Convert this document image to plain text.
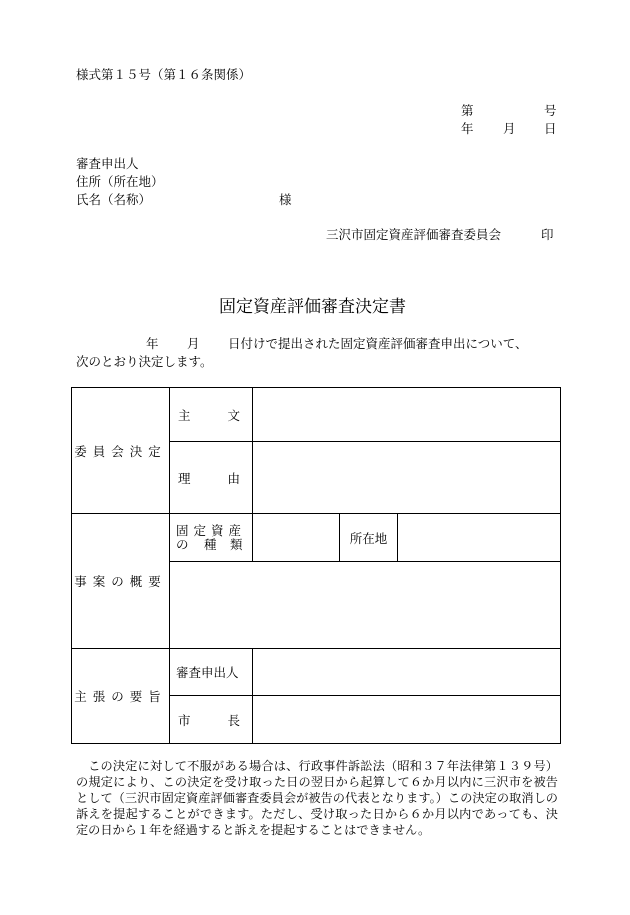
様式第１５号（第１６条関係）
第	号
年 月 日
審査申出人
住所（所在地）
氏名（名称）	様
三沢市固定資産評価審査委員会	印
固定資産評価審査決定書
年 月 日付けで提出された固定資産評価審査申出について、
次のとおり決定します。
委員会決定	主 文			

	理 由			

事案の概要	固定資産
の 種 類		所在地	

主張の要旨	審査申出人			

	市 長			

この決定に対して不服がある場合は、行政事件訴訟法（昭和３７年法律第１３９号）の規定により、この決定を受け取った日の翌日から起算して６か月以内に三沢市を被告として（三沢市固定資産評価審査委員会が被告の代表となります。）この決定の取消しの訴えを提起することができます。ただし、受け取った日から６か月以内であっても、決定の日から１年を経過すると訴えを提起することはできません。
